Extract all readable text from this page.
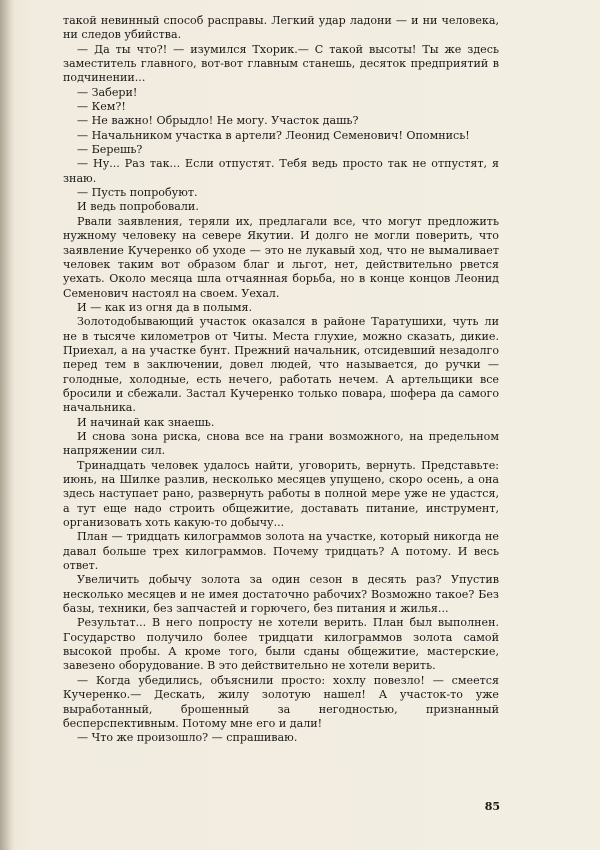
такой невинный способ расправы. Легкий удар ладони — и ни человека, ни следов убийства.

— Да ты что?! — изумился Тхорик.— С такой высоты! Ты же здесь заместитель главного, вот-вот главным станешь, десяток предприятий в подчинении...

— Забери!

— Кем?!

— Не важно! Обрыдло! Не могу. Участок дашь?

— Начальником участка в артели? Леонид Семенович! Опомнись!

— Берешь?

— Ну... Раз так... Если отпустят. Тебя ведь просто так не отпустят, я знаю.

— Пусть попробуют.

И ведь попробовали.

Рвали заявления, теряли их, предлагали все, что могут предложить нужному человеку на севере Якутии. И долго не могли поверить, что заявление Кучеренко об уходе — это не лукавый ход, что не вымаливает человек таким вот образом благ и льгот, нет, действительно рвется уехать. Около месяца шла отчаянная борьба, но в конце концов Леонид Семенович настоял на своем. Уехал.

И — как из огня да в полымя.

Золотодобывающий участок оказался в районе Таратушихи, чуть ли не в тысяче километров от Читы. Места глухие, можно сказать, дикие. Приехал, а на участке бунт. Прежний начальник, отсидевший незадолго перед тем в заключении, довел людей, что называется, до ручки — голодные, холодные, есть нечего, работать нечем. А артельщики все бросили и сбежали. Застал Кучеренко только повара, шофера да самого начальника.

И начинай как знаешь.

И снова зона риска, снова все на грани возможного, на предельном напряжении сил.

Тринадцать человек удалось найти, уговорить, вернуть. Представьте: июнь, на Шилке разлив, несколько месяцев упущено, скоро осень, а она здесь наступает рано, развернуть работы в полной мере уже не удастся, а тут еще надо строить общежитие, доставать питание, инструмент, организовать хоть какую-то добычу...

План — тридцать килограммов золота на участке, который никогда не давал больше трех килограммов. Почему тридцать? А потому. И весь ответ.

Увеличить добычу золота за один сезон в десять раз? Упустив несколько месяцев и не имея достаточно рабочих? Возможно такое? Без базы, техники, без запчастей и горючего, без питания и жилья...

Результат... В него попросту не хотели верить. План был выполнен. Государство получило более тридцати килограммов золота самой высокой пробы. А кроме того, были сданы общежитие, мастерские, завезено оборудование. В это действительно не хотели верить.

— Когда убедились, объяснили просто: хохлу повезло! — смеется Кучеренко.— Дескать, жилу золотую нашел! А участок-то уже выработанный, брошенный за негодностью, признанный бесперспективным. Потому мне его и дали!

— Что же произошло? — спрашиваю.

85
